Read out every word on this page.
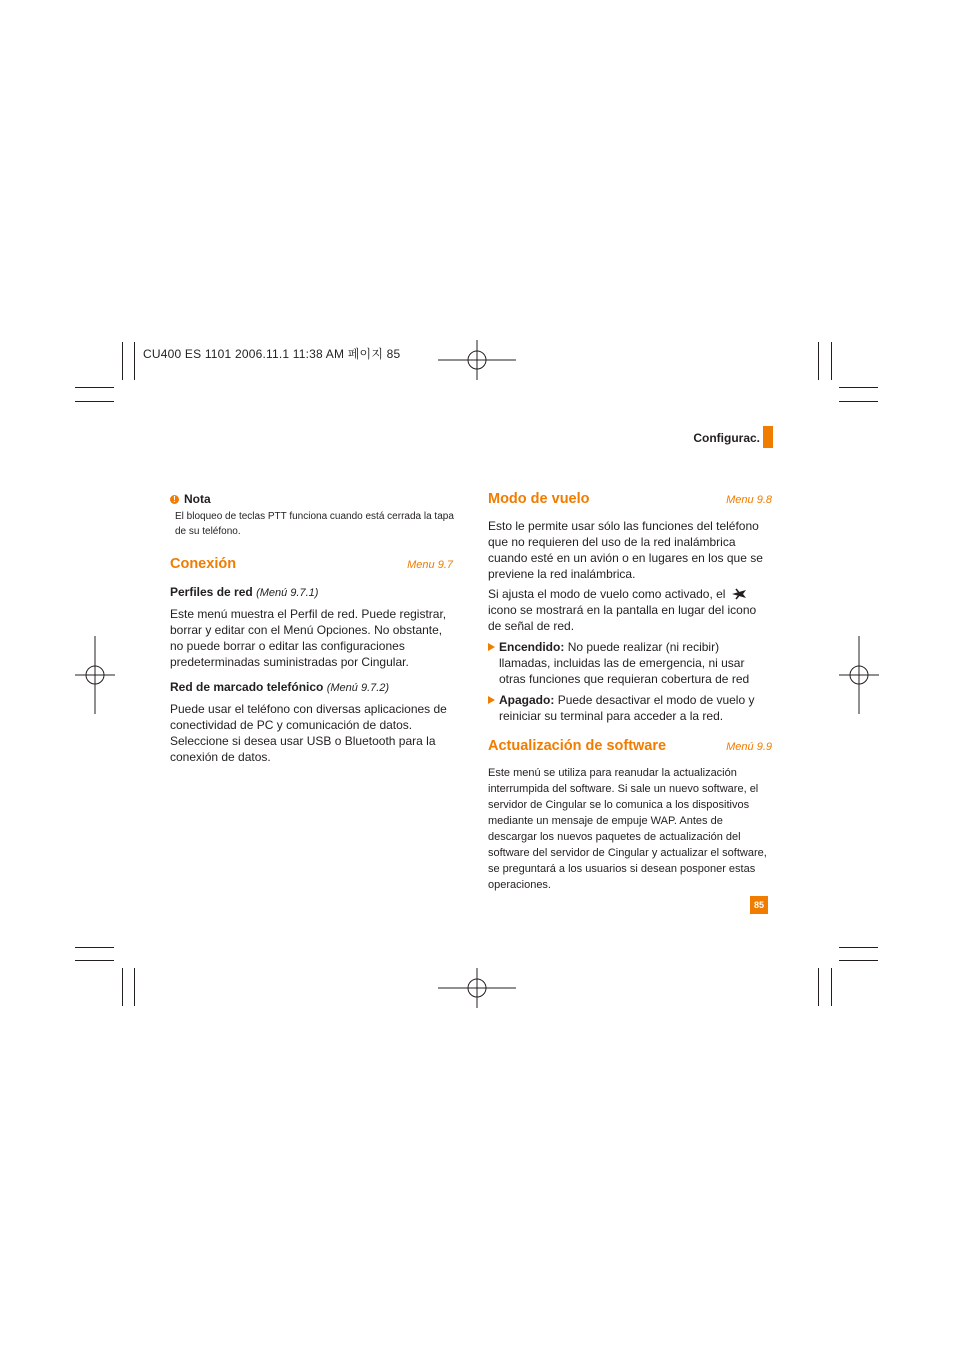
CU400 ES 1101 2006.11.1 11:38 AM 페이지 85
Configurac.
! Nota
El bloqueo de teclas PTT funciona cuando está cerrada la tapa de su teléfono.
Conexión	Menu 9.7
Perfiles de red (Menú 9.7.1)
Este menú muestra el Perfil de red. Puede registrar, borrar y editar con el Menú Opciones. No obstante, no puede borrar o editar las configuraciones predeterminadas suministradas por Cingular.
Red de marcado telefónico (Menú 9.7.2)
Puede usar el teléfono con diversas aplicaciones de conectividad de PC y comunicación de datos. Seleccione si desea usar USB o Bluetooth para la conexión de datos.
Modo de vuelo	Menu 9.8
Esto le permite usar sólo las funciones del teléfono que no requieren del uso de la red inalámbrica cuando esté en un avión o en lugares en los que se previene la red inalámbrica.
Si ajusta el modo de vuelo como activado, el  icono se mostrará en la pantalla en lugar del icono de señal de red.
Encendido: No puede realizar (ni recibir) llamadas, incluidas las de emergencia, ni usar otras funciones que requieran cobertura de red
Apagado: Puede desactivar el modo de vuelo y reiniciar su terminal para acceder a la red.
Actualización de software	Menú 9.9
Este menú se utiliza para reanudar la actualización interrumpida del software. Si sale un nuevo software, el servidor de Cingular se lo comunica a los dispositivos mediante un mensaje de empuje WAP. Antes de descargar los nuevos paquetes de actualización del software del servidor de Cingular y actualizar el software, se preguntará a los usuarios si desean posponer estas operaciones.
85
